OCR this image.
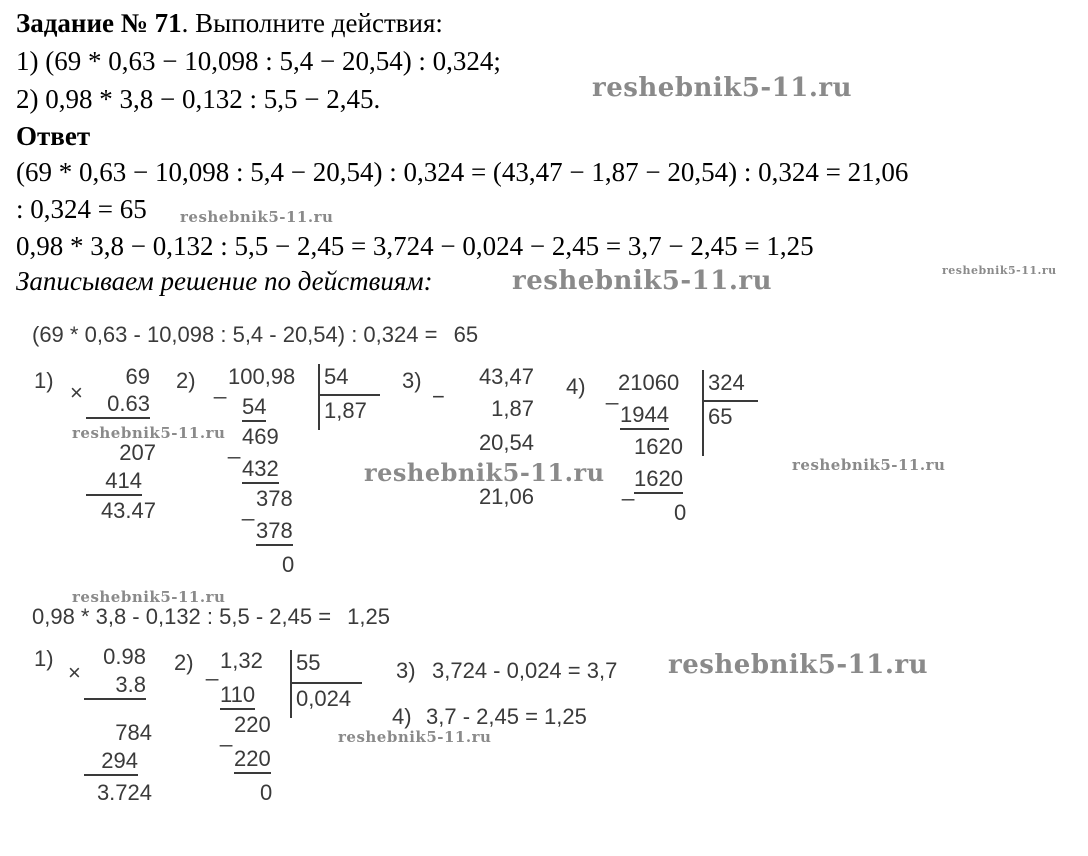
Задание № 71. Выполните действия:
1) (69 * 0,63 − 10,098 : 5,4 − 20,54) : 0,324;
2) 0,98 * 3,8 − 0,132 : 5,5 − 2,45.	reshebnik5-11.ru
Ответ
(69 * 0,63 − 10,098 : 5,4 − 20,54) : 0,324 = (43,47 − 1,87 − 20,54) : 0,324 = 21,06
: 0,324 = 65 reshebnik5-11.ru
0,98 * 3,8 − 0,132 : 5,5 − 2,45 = 3,724 − 0,024 − 2,45 = 3,7 − 2,45 = 1,25
Записываем решение по действиям:	reshebnik5-11.ru	reshebnik5-11.ru
(69 * 0,63 - 10,098 : 5,4 - 20,54) : 0,324 = 65
1) ×
69
0.63
207
414
43.47
reshebnik5-11.ru
2) _ 100,98 54
1,87
54
_ 469
432
_ 378
378
0
3)
−
43,47
1,87
20,54
21,06
4) _ 21060 324
65
1944
1620
_ 1620
0
reshebnik5-11.ru	reshebnik5-11.ru
reshebnik5-11.ru
0,98 * 3,8 - 0,132 : 5,5 - 2,45 = 1,25
1)
×
0.98
3.8
784
294
3.724
2) _ 1,32 55
0,024
110
_ 220
220
0
3) 3,724 - 0,024 = 3,7
4) 3,7 - 2,45 = 1,25
reshebnik5-11.ru
reshebnik5-11.ru
